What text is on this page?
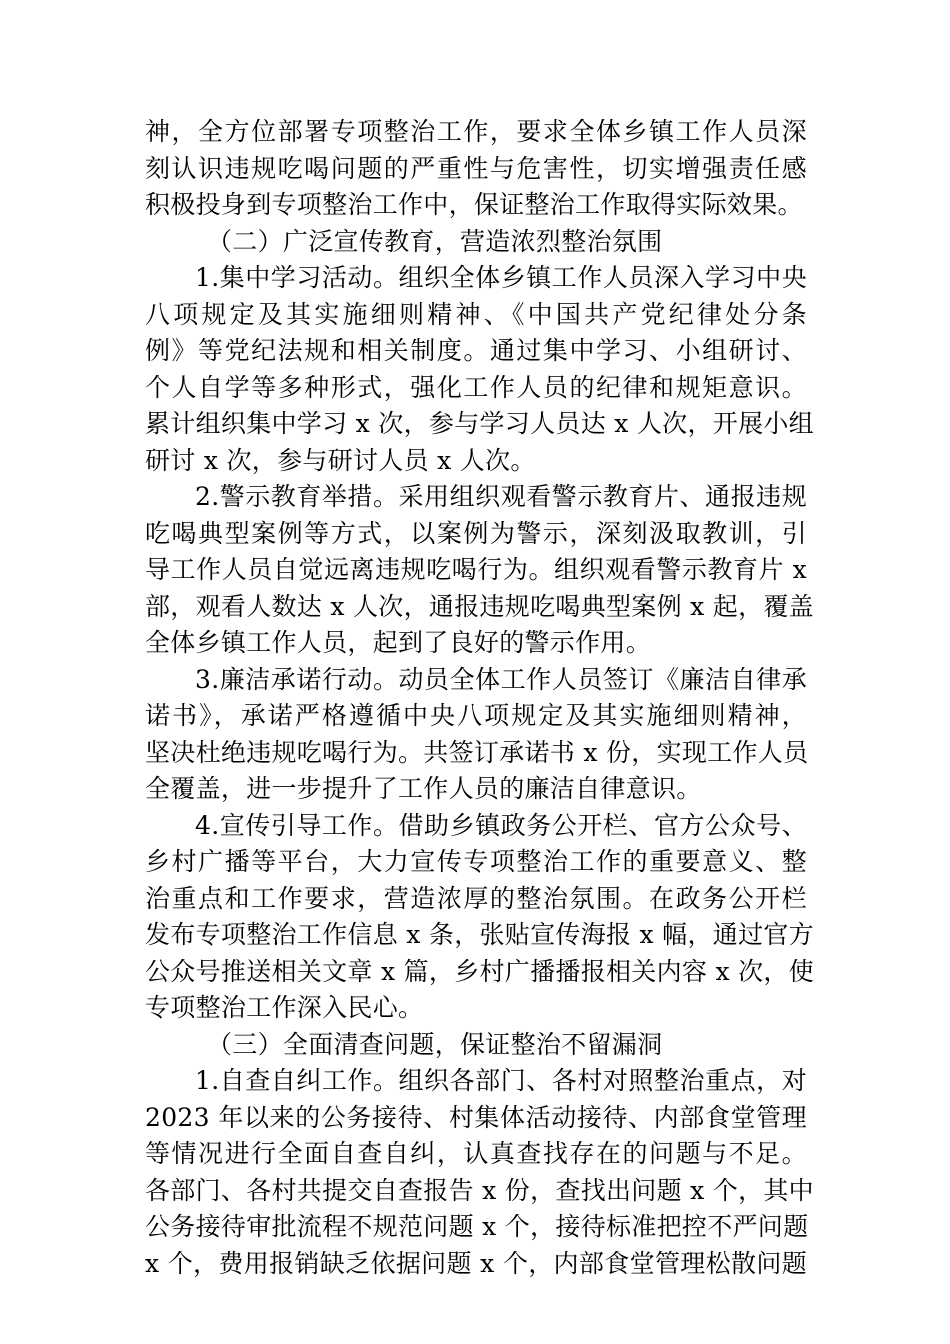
神，全方位部署专项整治工作，要求全体乡镇工作人员深
刻认识违规吃喝问题的严重性与危害性，切实增强责任感
积极投身到专项整治工作中，保证整治工作取得实际效果。
（二）广泛宣传教育，营造浓烈整治氛围
1.集中学习活动。组织全体乡镇工作人员深入学习中央
八项规定及其实施细则精神、《中国共产党纪律处分条
例》等党纪法规和相关制度。通过集中学习、小组研讨、
个人自学等多种形式，强化工作人员的纪律和规矩意识。
累计组织集中学习 x 次，参与学习人员达 x 人次，开展小组
研讨 x 次，参与研讨人员 x 人次。
2.警示教育举措。采用组织观看警示教育片、通报违规
吃喝典型案例等方式，以案例为警示，深刻汲取教训，引
导工作人员自觉远离违规吃喝行为。组织观看警示教育片 x
部，观看人数达 x 人次，通报违规吃喝典型案例 x 起，覆盖
全体乡镇工作人员，起到了良好的警示作用。
3.廉洁承诺行动。动员全体工作人员签订《廉洁自律承
诺书》，承诺严格遵循中央八项规定及其实施细则精神，
坚决杜绝违规吃喝行为。共签订承诺书 x 份，实现工作人员
全覆盖，进一步提升了工作人员的廉洁自律意识。
4.宣传引导工作。借助乡镇政务公开栏、官方公众号、
乡村广播等平台，大力宣传专项整治工作的重要意义、整
治重点和工作要求，营造浓厚的整治氛围。在政务公开栏
发布专项整治工作信息 x 条，张贴宣传海报 x 幅，通过官方
公众号推送相关文章 x 篇，乡村广播播报相关内容 x 次，使
专项整治工作深入民心。
（三）全面清查问题，保证整治不留漏洞
1.自查自纠工作。组织各部门、各村对照整治重点，对
2023 年以来的公务接待、村集体活动接待、内部食堂管理
等情况进行全面自查自纠，认真查找存在的问题与不足。
各部门、各村共提交自查报告 x 份，查找出问题 x 个，其中
公务接待审批流程不规范问题 x 个，接待标准把控不严问题
x 个，费用报销缺乏依据问题 x 个，内部食堂管理松散问题
